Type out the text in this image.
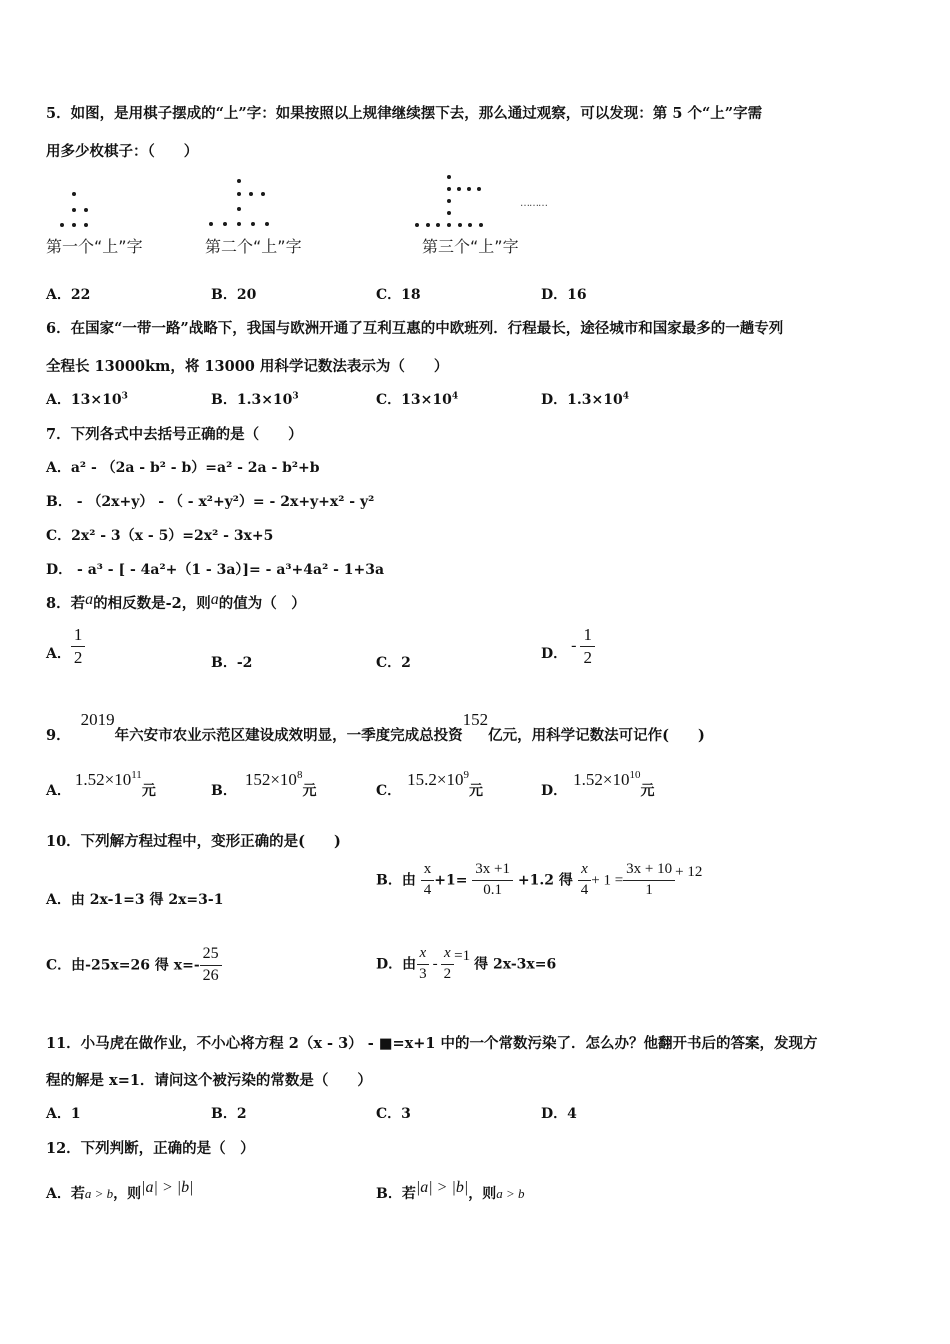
5．如图，是用棋子摆成的“上”字：如果按照以上规律继续摆下去，那么通过观察，可以发现：第 5 个“上”字需
用多少枚棋子：（　　）
………
第一个“上”字	第二个“上”字	第三个“上”字
A．22	B．20	C．18	D．16
6．在国家“一带一路”战略下，我国与欧洲开通了互利互惠的中欧班列．行程最长，途径城市和国家最多的一趟专列
全程长 13000km，将 13000 用科学记数法表示为（　　）
A．$13\times 10^3$	B．$1.3\times 10^3$	C．$13\times 10^4$	D．$1.3\times 10^4$
7．下列各式中去括号正确的是（　　）
A．a² - （2a - b² - b）=a² - 2a - b²+b
B． - （2x+y） - （ - x²+y²）= - 2x+y+x² - y²
C．2x² - 3（x - 5）=2x² - 3x+5
D． - a³ - [ - 4a²+（1 - 3a）]= - a³+4a² - 1+3a
8．若a的相反数是-2，则a的值为（　）
A． $\frac{1}{2}$	B．-2	C．2
D． - $\frac{1}{2}$
9．2019年六安市农业示范区建设成效明显，一季度完成总投资152亿元，用科学记数法可记作(　　)
A．$1.52\times 10^{11}$元	B．$152\times 10^8$元	C．$15.2\times 10^9$元	D．$1.52\times 10^{10}$元
10．下列解方程过程中，变形正确的是(　　)
A．由 2x-1=3 得 2x=3-1
B．由 $\frac{x}{4} +1= \frac{3x +1}{0.1} +1.2$ 得 $\frac{x}{4} + 1 = \frac{3x + 10}{1} + 12$
C．由-25x=26 得 $x=- \frac{25}{26}$	D．由 $\frac{x}{3} - \frac{x}{2} =1$ 得 2x-3x=6
11．小马虎在做作业，不小心将方程 2（x - 3） - ■=x+1 中的一个常数污染了．怎么办？他翻开书后的答案，发现方
程的解是 x=1．请问这个被污染的常数是（　　）
A．1	B．2	C．3	D．4
12．下列判断，正确的是（　）
A．若a > b，则|a| > |b|	B．若|a| > |b|，则a > b
